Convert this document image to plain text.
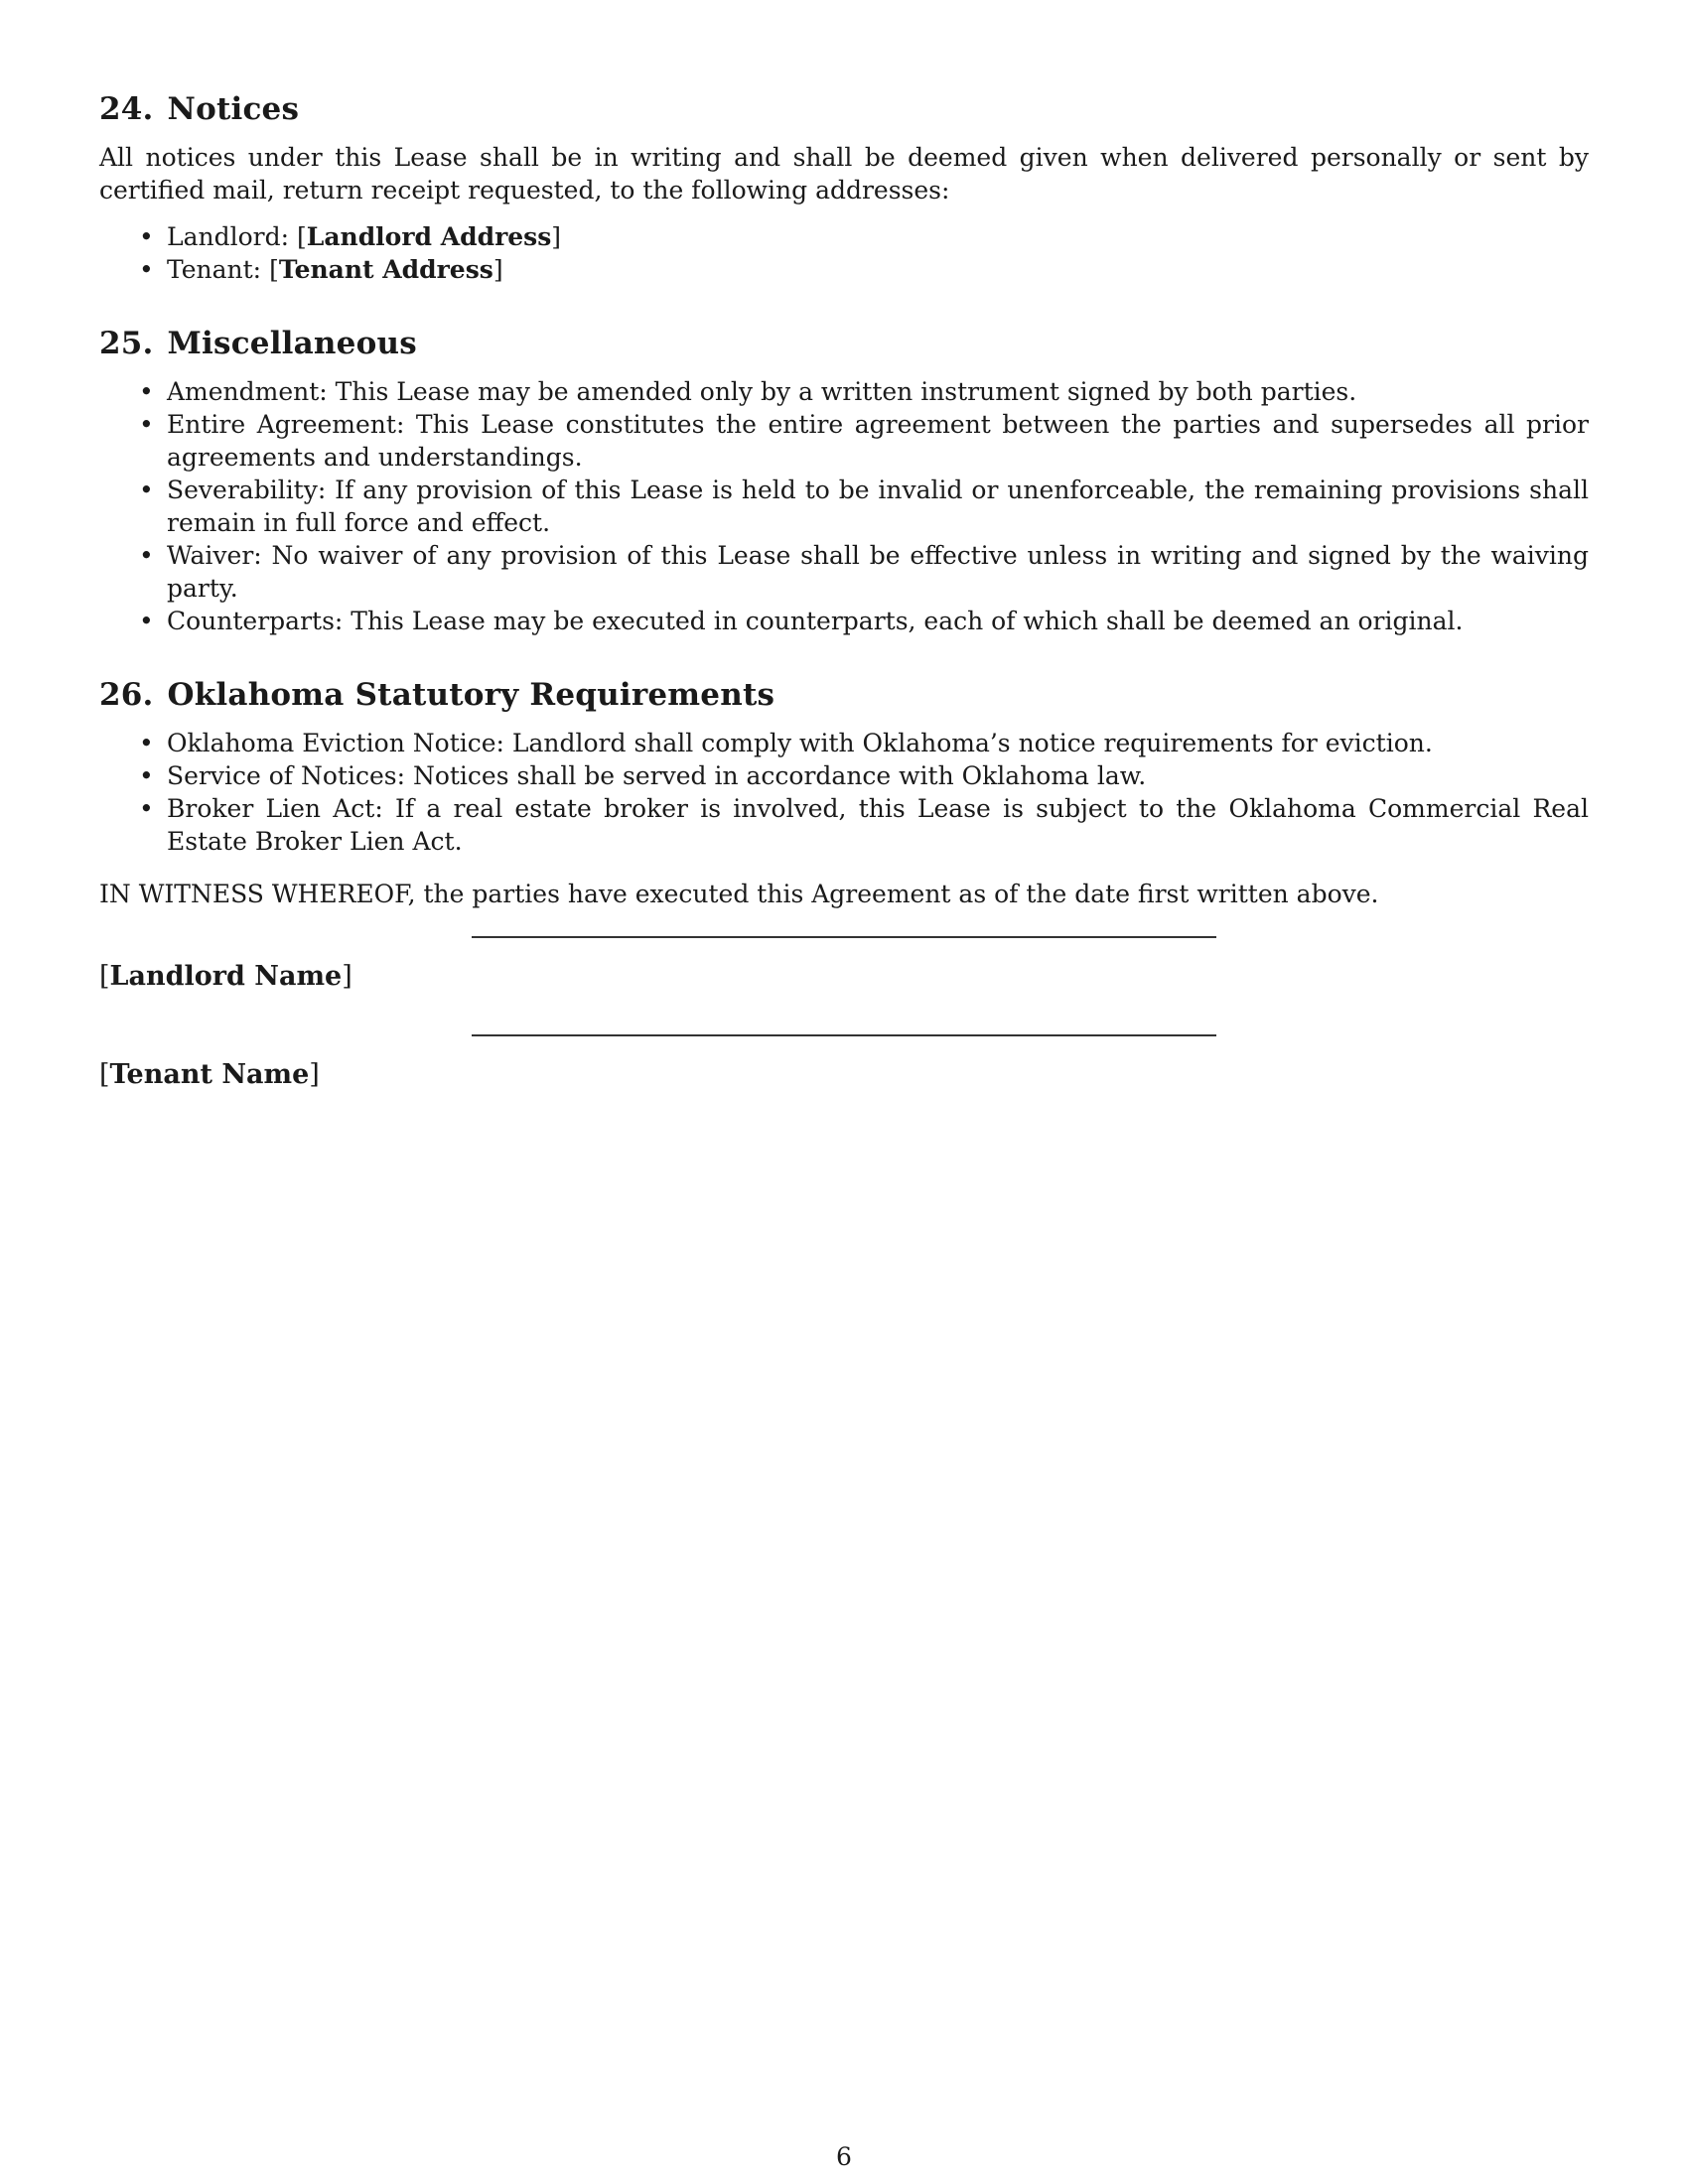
24. Notices

All notices under this Lease shall be in writing and shall be deemed given when delivered personally or sent by certified mail, return receipt requested, to the following addresses:

• Landlord: [Landlord Address]
• Tenant: [Tenant Address]
25. Miscellaneous
• Amendment: This Lease may be amended only by a written instrument signed by both parties.
• Entire Agreement: This Lease constitutes the entire agreement between the parties and supersedes all prior agreements and understandings.
• Severability: If any provision of this Lease is held to be invalid or unenforceable, the remaining provisions shall remain in full force and effect.
• Waiver: No waiver of any provision of this Lease shall be effective unless in writing and signed by the waiving party.
• Counterparts: This Lease may be executed in counterparts, each of which shall be deemed an original.
26. Oklahoma Statutory Requirements
• Oklahoma Eviction Notice: Landlord shall comply with Oklahoma’s notice requirements for eviction.
• Service of Notices: Notices shall be served in accordance with Oklahoma law.
• Broker Lien Act: If a real estate broker is involved, this Lease is subject to the Oklahoma Commercial Real Estate Broker Lien Act.

IN WITNESS WHEREOF, the parties have executed this Agreement as of the date first written above.

[Landlord Name]
[Tenant Name]
6
